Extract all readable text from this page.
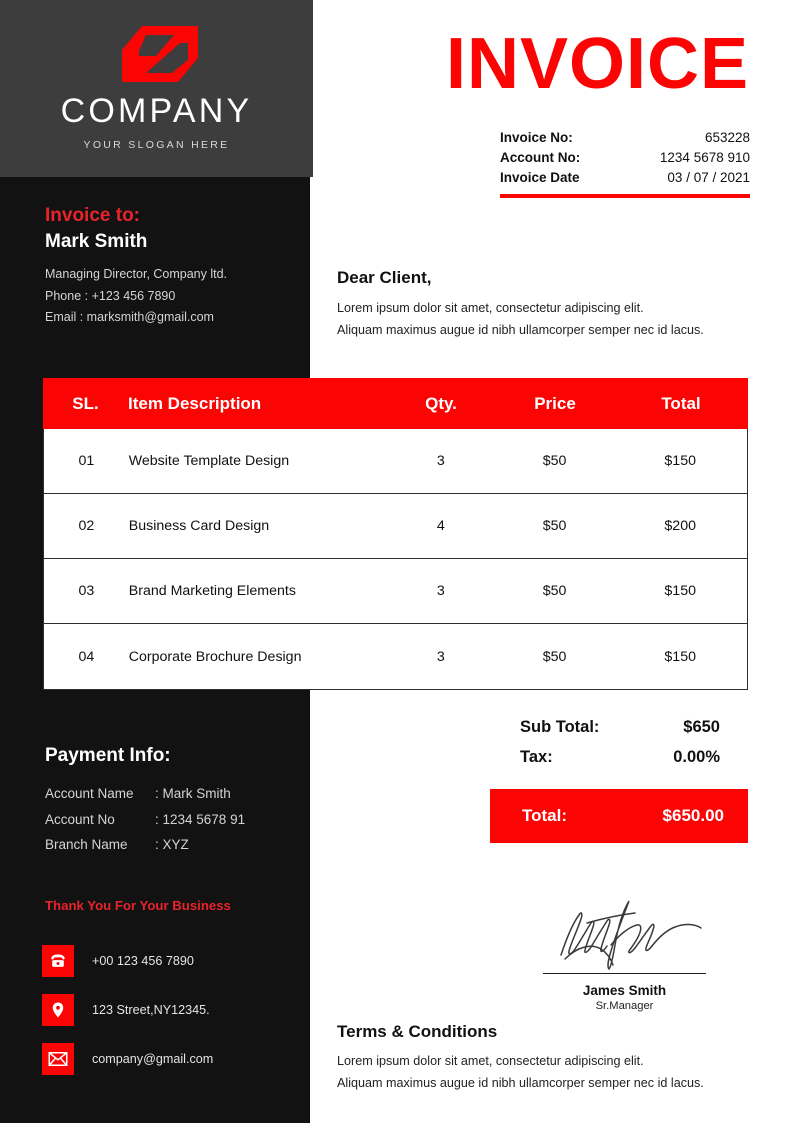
COMPANY
YOUR SLOGAN HERE
INVOICE
Invoice No:	653228
Account No:	1234 5678 910
Invoice Date	03 / 07 / 2021
Invoice to:
Mark Smith
Managing Director, Company ltd.
Phone : +123 456 7890
Email : marksmith@gmail.com
Dear Client,
Lorem ipsum dolor sit amet, consectetur adipiscing elit.
Aliquam maximus augue id nibh ullamcorper semper nec id lacus.
SL.	Item Description	Qty.	Price	Total
01	Website Template Design	3	$50	$150
02	Business Card Design	4	$50	$200
03	Brand Marketing Elements	3	$50	$150
04	Corporate Brochure Design	3	$50	$150
Sub Total:	$650
Tax:	0.00%
Total:	$650.00
Payment Info:
Account Name	: Mark Smith
Account No	: 1234 5678 91
Branch Name	: XYZ
Thank You For Your Business
+00 123 456 7890
123 Street,NY12345.
company@gmail.com
James Smith
Sr.Manager
Terms & Conditions
Lorem ipsum dolor sit amet, consectetur adipiscing elit.
Aliquam maximus augue id nibh ullamcorper semper nec id lacus.
